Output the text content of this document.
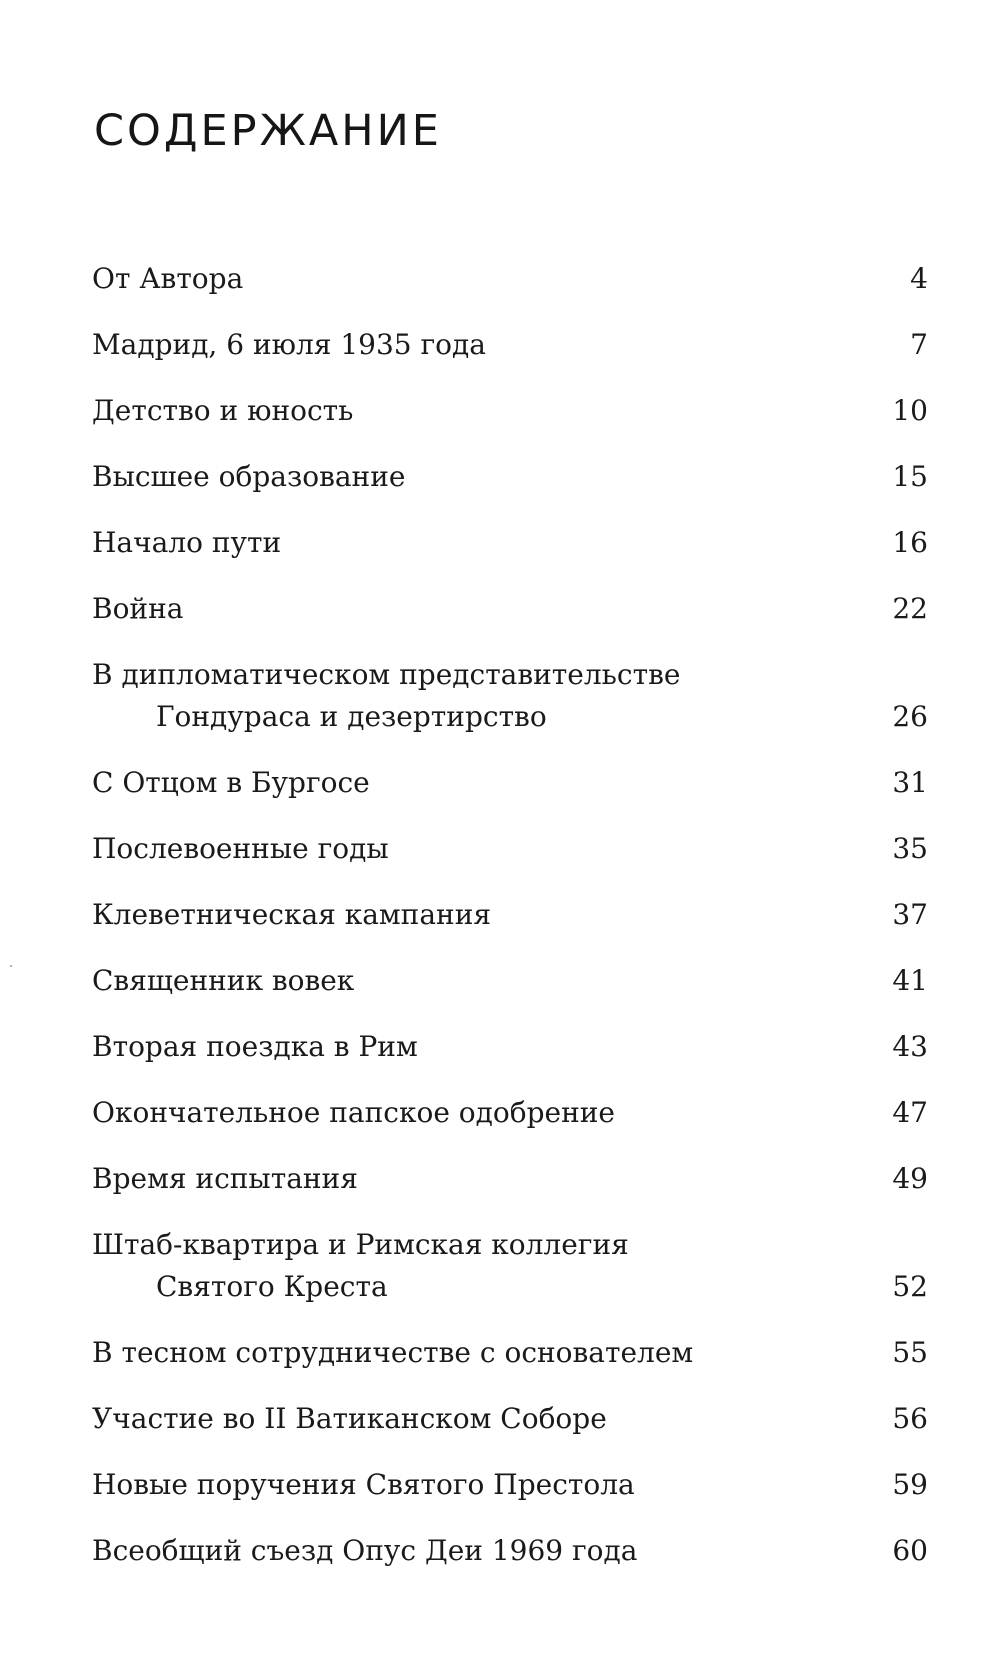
СОДЕРЖАНИЕ
От Автора	4
Мадрид, 6 июля 1935 года	7
Детство и юность	10
Высшее образование	15
Начало пути	16
Война	22
В дипломатическом представительстве
Гондураса и дезертирство	26
С Отцом в Бургосе	31
Послевоенные годы	35
Клеветническая кампания	37
Священник вовек	41
Вторая поездка в Рим	43
Окончательное папское одобрение	47
Время испытания	49
Штаб-квартира и Римская коллегия
Святого Креста	52
В тесном сотрудничестве с основателем	55
Участие во II Ватиканском Соборе	56
Новые поручения Святого Престола	59
Всеобщий съезд Опус Деи 1969 года	60
